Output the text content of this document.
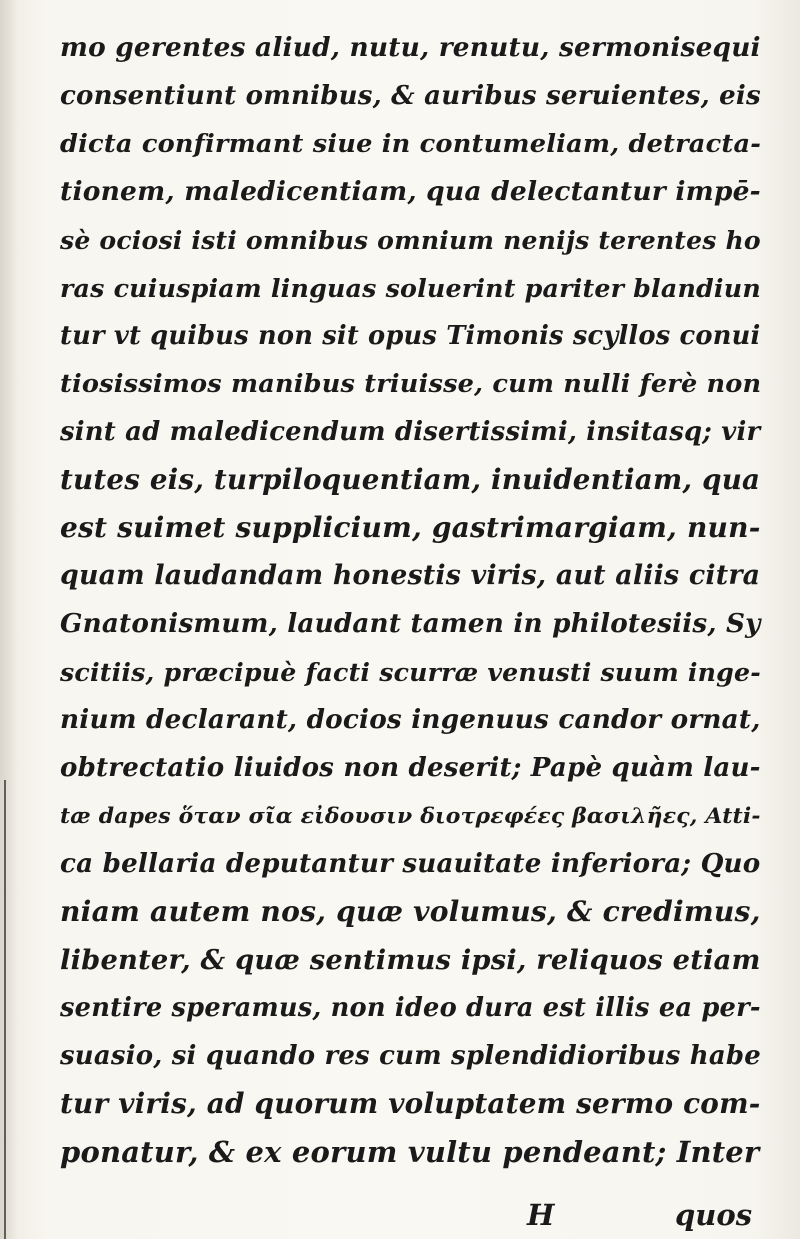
mo gerentes aliud, nutu, renutu, sermonisequi
consentiunt omnibus, & auribus seruientes, eis
dicta confirmant siue in contumeliam, detracta-
tionem, maledicentiam, qua delectantur impē-
sè ociosi isti omnibus omnium nenijs terentes ho
ras cuiuspiam linguas soluerint pariter blandiun
tur vt quibus non sit opus Timonis scyllos conui
tiosissimos manibus triuisse, cum nulli ferè non
sint ad maledicendum disertissimi, insitasq; vir
tutes eis, turpiloquentiam, inuidentiam, qua
est suimet supplicium, gastrimargiam, nun-
quam laudandam honestis viris, aut aliis citra
Gnatonismum, laudant tamen in philotesiis, Sy
scitiis, præcipuè facti scurræ venusti suum inge-
nium declarant, docios ingenuus candor ornat,
obtrectatio liuidos non deserit; Papè quàm lau-
tæ dapes ὅταν σῖα εἰδουσιν διοτρεφέες βασιλῆες, Atti-
ca bellaria deputantur suauitate inferiora; Quo
niam autem nos, quæ volumus, & credimus,
libenter, & quæ sentimus ipsi, reliquos etiam
sentire speramus, non ideo dura est illis ea per-
suasio, si quando res cum splendidioribus habe
tur viris, ad quorum voluptatem sermo com-
ponatur, & ex eorum vultu pendeant; Inter
H	quos
